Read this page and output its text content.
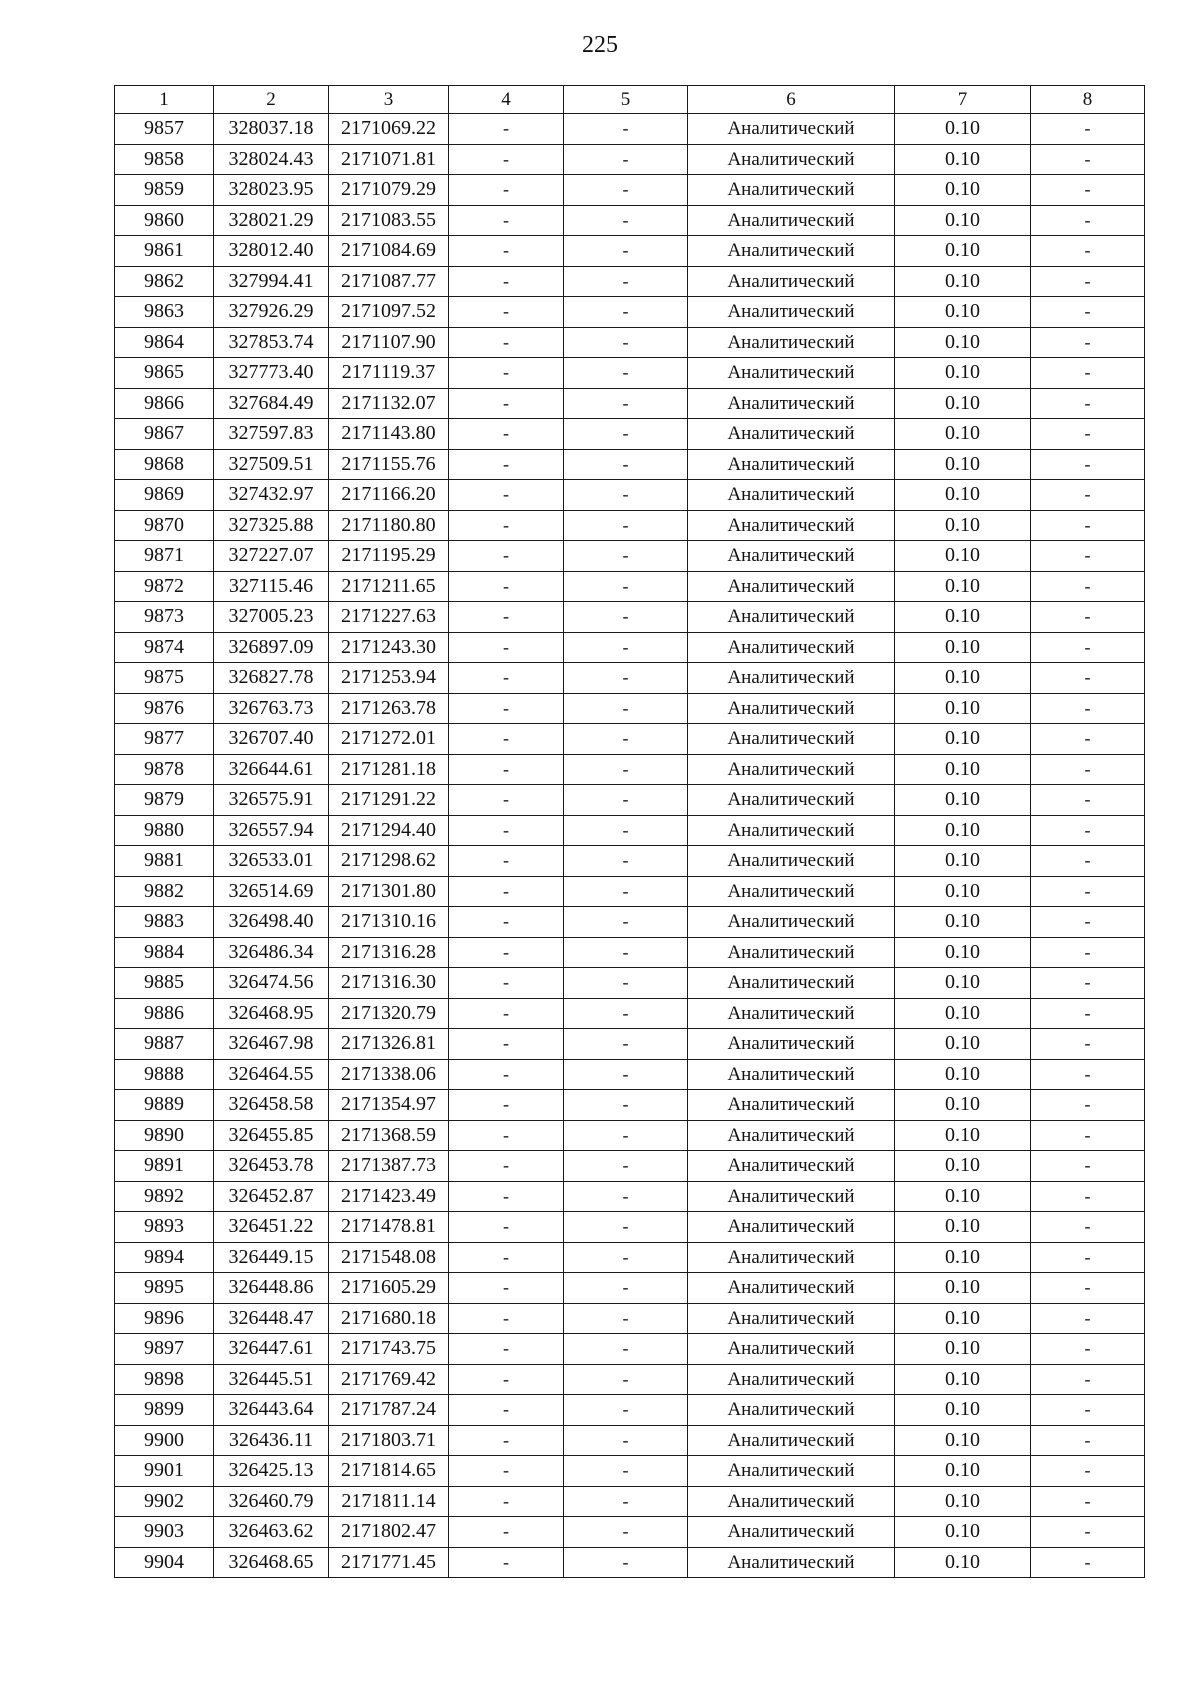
225
1	2	3	4	5	6	7	8
9857	328037.18	2171069.22	-	-	Аналитический	0.10	-
9858	328024.43	2171071.81	-	-	Аналитический	0.10	-
9859	328023.95	2171079.29	-	-	Аналитический	0.10	-
9860	328021.29	2171083.55	-	-	Аналитический	0.10	-
9861	328012.40	2171084.69	-	-	Аналитический	0.10	-
9862	327994.41	2171087.77	-	-	Аналитический	0.10	-
9863	327926.29	2171097.52	-	-	Аналитический	0.10	-
9864	327853.74	2171107.90	-	-	Аналитический	0.10	-
9865	327773.40	2171119.37	-	-	Аналитический	0.10	-
9866	327684.49	2171132.07	-	-	Аналитический	0.10	-
9867	327597.83	2171143.80	-	-	Аналитический	0.10	-
9868	327509.51	2171155.76	-	-	Аналитический	0.10	-
9869	327432.97	2171166.20	-	-	Аналитический	0.10	-
9870	327325.88	2171180.80	-	-	Аналитический	0.10	-
9871	327227.07	2171195.29	-	-	Аналитический	0.10	-
9872	327115.46	2171211.65	-	-	Аналитический	0.10	-
9873	327005.23	2171227.63	-	-	Аналитический	0.10	-
9874	326897.09	2171243.30	-	-	Аналитический	0.10	-
9875	326827.78	2171253.94	-	-	Аналитический	0.10	-
9876	326763.73	2171263.78	-	-	Аналитический	0.10	-
9877	326707.40	2171272.01	-	-	Аналитический	0.10	-
9878	326644.61	2171281.18	-	-	Аналитический	0.10	-
9879	326575.91	2171291.22	-	-	Аналитический	0.10	-
9880	326557.94	2171294.40	-	-	Аналитический	0.10	-
9881	326533.01	2171298.62	-	-	Аналитический	0.10	-
9882	326514.69	2171301.80	-	-	Аналитический	0.10	-
9883	326498.40	2171310.16	-	-	Аналитический	0.10	-
9884	326486.34	2171316.28	-	-	Аналитический	0.10	-
9885	326474.56	2171316.30	-	-	Аналитический	0.10	-
9886	326468.95	2171320.79	-	-	Аналитический	0.10	-
9887	326467.98	2171326.81	-	-	Аналитический	0.10	-
9888	326464.55	2171338.06	-	-	Аналитический	0.10	-
9889	326458.58	2171354.97	-	-	Аналитический	0.10	-
9890	326455.85	2171368.59	-	-	Аналитический	0.10	-
9891	326453.78	2171387.73	-	-	Аналитический	0.10	-
9892	326452.87	2171423.49	-	-	Аналитический	0.10	-
9893	326451.22	2171478.81	-	-	Аналитический	0.10	-
9894	326449.15	2171548.08	-	-	Аналитический	0.10	-
9895	326448.86	2171605.29	-	-	Аналитический	0.10	-
9896	326448.47	2171680.18	-	-	Аналитический	0.10	-
9897	326447.61	2171743.75	-	-	Аналитический	0.10	-
9898	326445.51	2171769.42	-	-	Аналитический	0.10	-
9899	326443.64	2171787.24	-	-	Аналитический	0.10	-
9900	326436.11	2171803.71	-	-	Аналитический	0.10	-
9901	326425.13	2171814.65	-	-	Аналитический	0.10	-
9902	326460.79	2171811.14	-	-	Аналитический	0.10	-
9903	326463.62	2171802.47	-	-	Аналитический	0.10	-
9904	326468.65	2171771.45	-	-	Аналитический	0.10	-
